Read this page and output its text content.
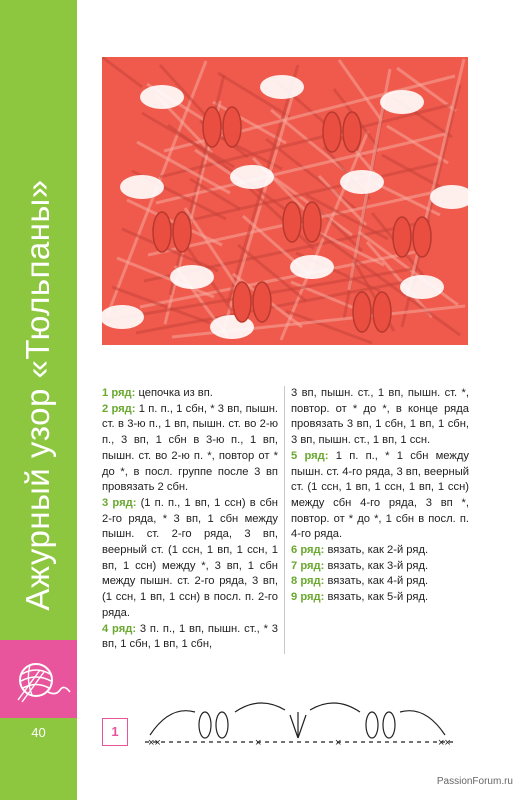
Ажурный узор «Тюльпаны»
40

1 ряд: цепочка из вп.

2 ряд: 1 п. п., 1 сбн, * 3 вп, пышн. ст. в 3-ю п., 1 вп, пышн. ст. во 2-ю п., 3 вп, 1 сбн в 3-ю п., 1 вп, пышн. ст. во 2-ю п. *, повтор от * до *, в посл. группе после 3 вп провязать 2 сбн.

3 ряд: (1 п. п., 1 вп, 1 ссн) в сбн 2-го ряда, * 3 вп, 1 сбн между пышн. ст. 2-го ряда, 3 вп, веерный ст. (1 ссн, 1 вп, 1 ссн, 1 вп, 1 ссн) между *, 3 вп, 1 сбн между пышн. ст. 2-го ряда, 3 вп, (1 ссн, 1 вп, 1 ссн) в посл. п. 2-го ряда.

4 ряд: 3 п. п., 1 вп, пышн. ст., * 3 вп, 1 сбн, 1 вп, 1 сбн,

3 вп, пышн. ст., 1 вп, пышн. ст. *, повтор. от * до *, в конце ряда провязать 3 вп, 1 сбн, 1 вп, 1 сбн, 3 вп, пышн. ст., 1 вп, 1 ссн.

5 ряд: 1 п. п., * 1 сбн между пышн. ст. 4-го ряда, 3 вп, веерный ст. (1 ссн, 1 вп, 1 ссн, 1 вп, 1 ссн) между сбн 4-го ряда, 3 вп *, повтор. от * до *, 1 сбн в посл. п. 4-го ряда.

6 ряд: вязать, как 2-й ряд.

7 ряд: вязать, как 3-й ряд.

8 ряд: вязать, как 4-й ряд.

9 ряд: вязать, как 5-й ряд.

1
××	×	×	××
PassionForum.ru
